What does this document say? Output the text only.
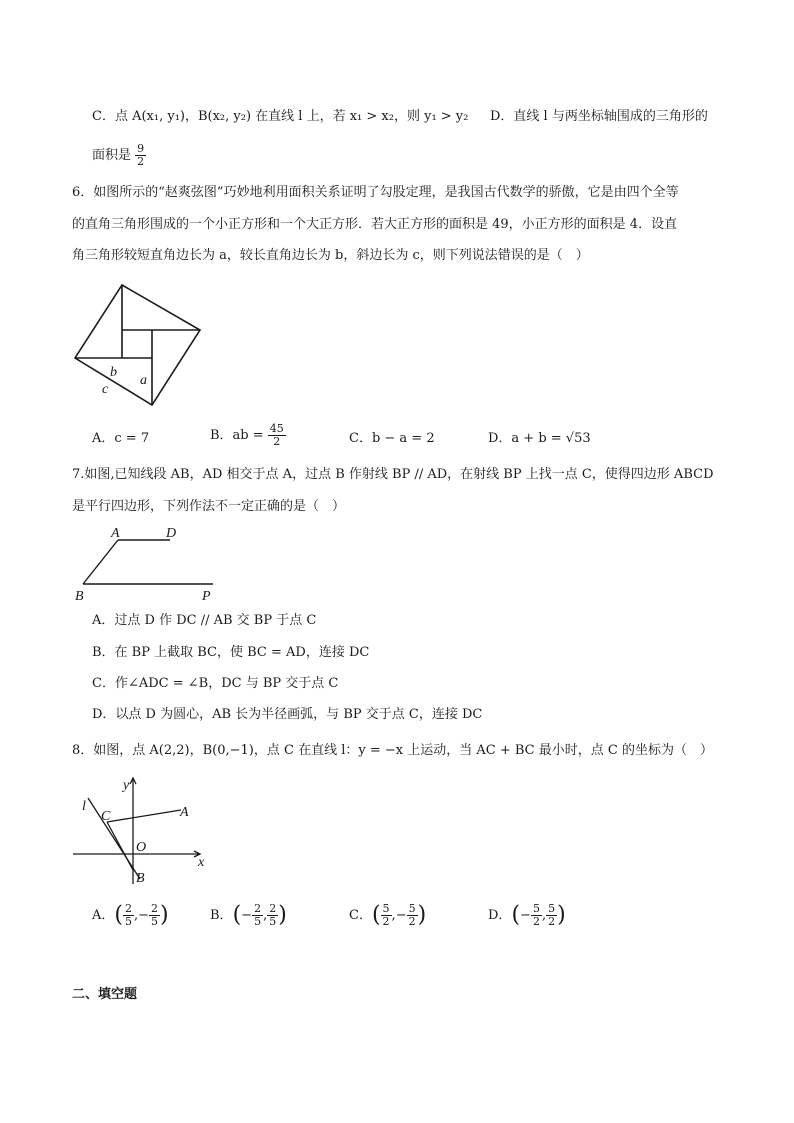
C．点 A(x₁, y₁)，B(x₂, y₂) 在直线 l 上，若 x₁ > x₂，则 y₁ > y₂ D．直线 l 与两坐标轴围成的三角形的
面积是 $\frac{9}{2}$
6．如图所示的“赵爽弦图”巧妙地利用面积关系证明了勾股定理，是我国古代数学的骄傲，它是由四个全等
的直角三角形围成的一个小正方形和一个大正方形．若大正方形的面积是 49，小正方形的面积是 4．设直
角三角形较短直角边长为 a，较长直角边长为 b，斜边长为 c，则下列说法错误的是（　）
b
a
c
A．c = 7	B．ab = $\frac{45}{2}$	C．b − a = 2	D．a + b = √53
7.如图,已知线段 AB，AD 相交于点 A，过点 B 作射线 BP // AD，在射线 BP 上找一点 C，使得四边形 ABCD
是平行四边形，下列作法不一定正确的是（　）
A	D
B	P
A．过点 D 作 DC // AB 交 BP 于点 C
B．在 BP 上截取 BC，使 BC = AD，连接 DC
C．作∠ADC = ∠B，DC 与 BP 交于点 C
D．以点 D 为圆心，AB 长为半径画弧，与 BP 交于点 C，连接 DC
8．如图，点 A(2,2)，B(0,−1)，点 C 在直线 l：y = −x 上运动，当 AC + BC 最小时，点 C 的坐标为（　）
y
x
l
C	A
O
B
A．( $\frac{2}{5}$ ,− $\frac{2}{5}$ )	B．(− $\frac{2}{5}$ , $\frac{2}{5}$ )	C．( $\frac{5}{2}$ ,− $\frac{5}{2}$ )	D．(− $\frac{5}{2}$ , $\frac{5}{2}$ )
二、填空题
